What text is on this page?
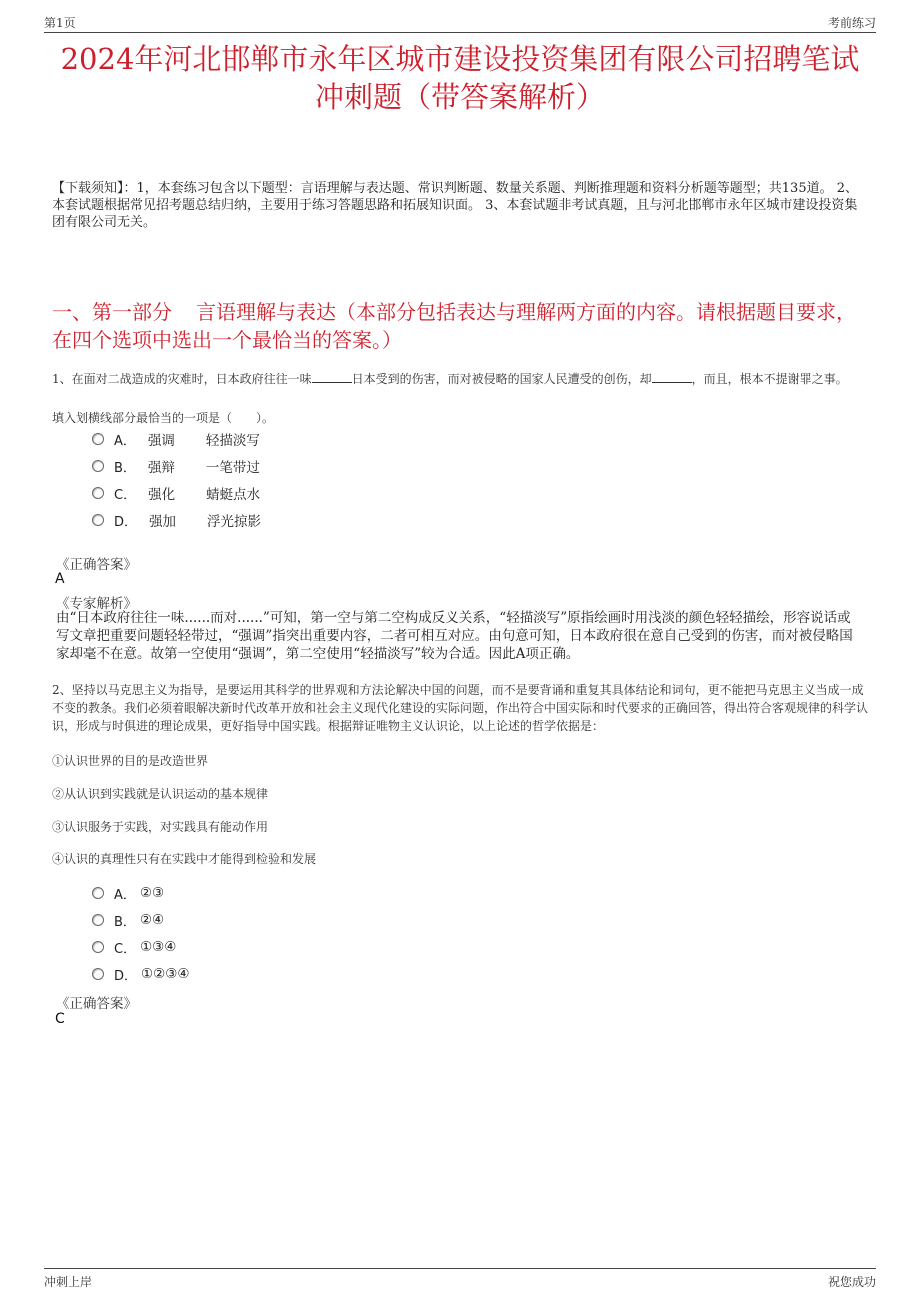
第1页	考前练习
2024年河北邯郸市永年区城市建设投资集团有限公司招聘笔试冲刺题（带答案解析）
【下载须知】：1，本套练习包含以下题型：言语理解与表达题、常识判断题、数量关系题、判断推理题和资料分析题等题型；共135道。 2、本套试题根据常见招考题总结归纳，主要用于练习答题思路和拓展知识面。 3、本套试题非考试真题，且与河北邯郸市永年区城市建设投资集团有限公司无关。
一、第一部分 言语理解与表达（本部分包括表达与理解两方面的内容。请根据题目要求，在四个选项中选出一个最恰当的答案。）
1、在面对二战造成的灾难时，日本政府往往一味	日本受到的伤害，而对被侵略的国家人民遭受的创伤，却	，而且，根本不提谢罪之事。
填入划横线部分最恰当的一项是（　　）。
A． 强调	轻描淡写
B． 强辩	一笔带过
C． 强化	蜻蜓点水
D． 强加	浮光掠影
《正确答案》
A
《专家解析》
由“日本政府往往一味......而对......”可知，第一空与第二空构成反义关系，“轻描淡写”原指绘画时用浅淡的颜色轻轻描绘，形容说话或写文章把重要问题轻轻带过，“强调”指突出重要内容，二者可相互对应。由句意可知，日本政府很在意自己受到的伤害，而对被侵略国家却毫不在意。故第一空使用“强调”，第二空使用“轻描淡写”较为合适。因此A项正确。
2、坚持以马克思主义为指导，是要运用其科学的世界观和方法论解决中国的问题，而不是要背诵和重复其具体结论和词句，更不能把马克思主义当成一成不变的教条。我们必须着眼解决新时代改革开放和社会主义现代化建设的实际问题，作出符合中国实际和时代要求的正确回答，得出符合客观规律的科学认识，形成与时俱进的理论成果，更好指导中国实践。根据辩证唯物主义认识论，以上论述的哲学依据是：
①认识世界的目的是改造世界
②从认识到实践就是认识运动的基本规律
③认识服务于实践，对实践具有能动作用
④认识的真理性只有在实践中才能得到检验和发展
A． ②③
B． ②④
C． ①③④
D． ①②③④
《正确答案》
C
冲刺上岸	祝您成功
